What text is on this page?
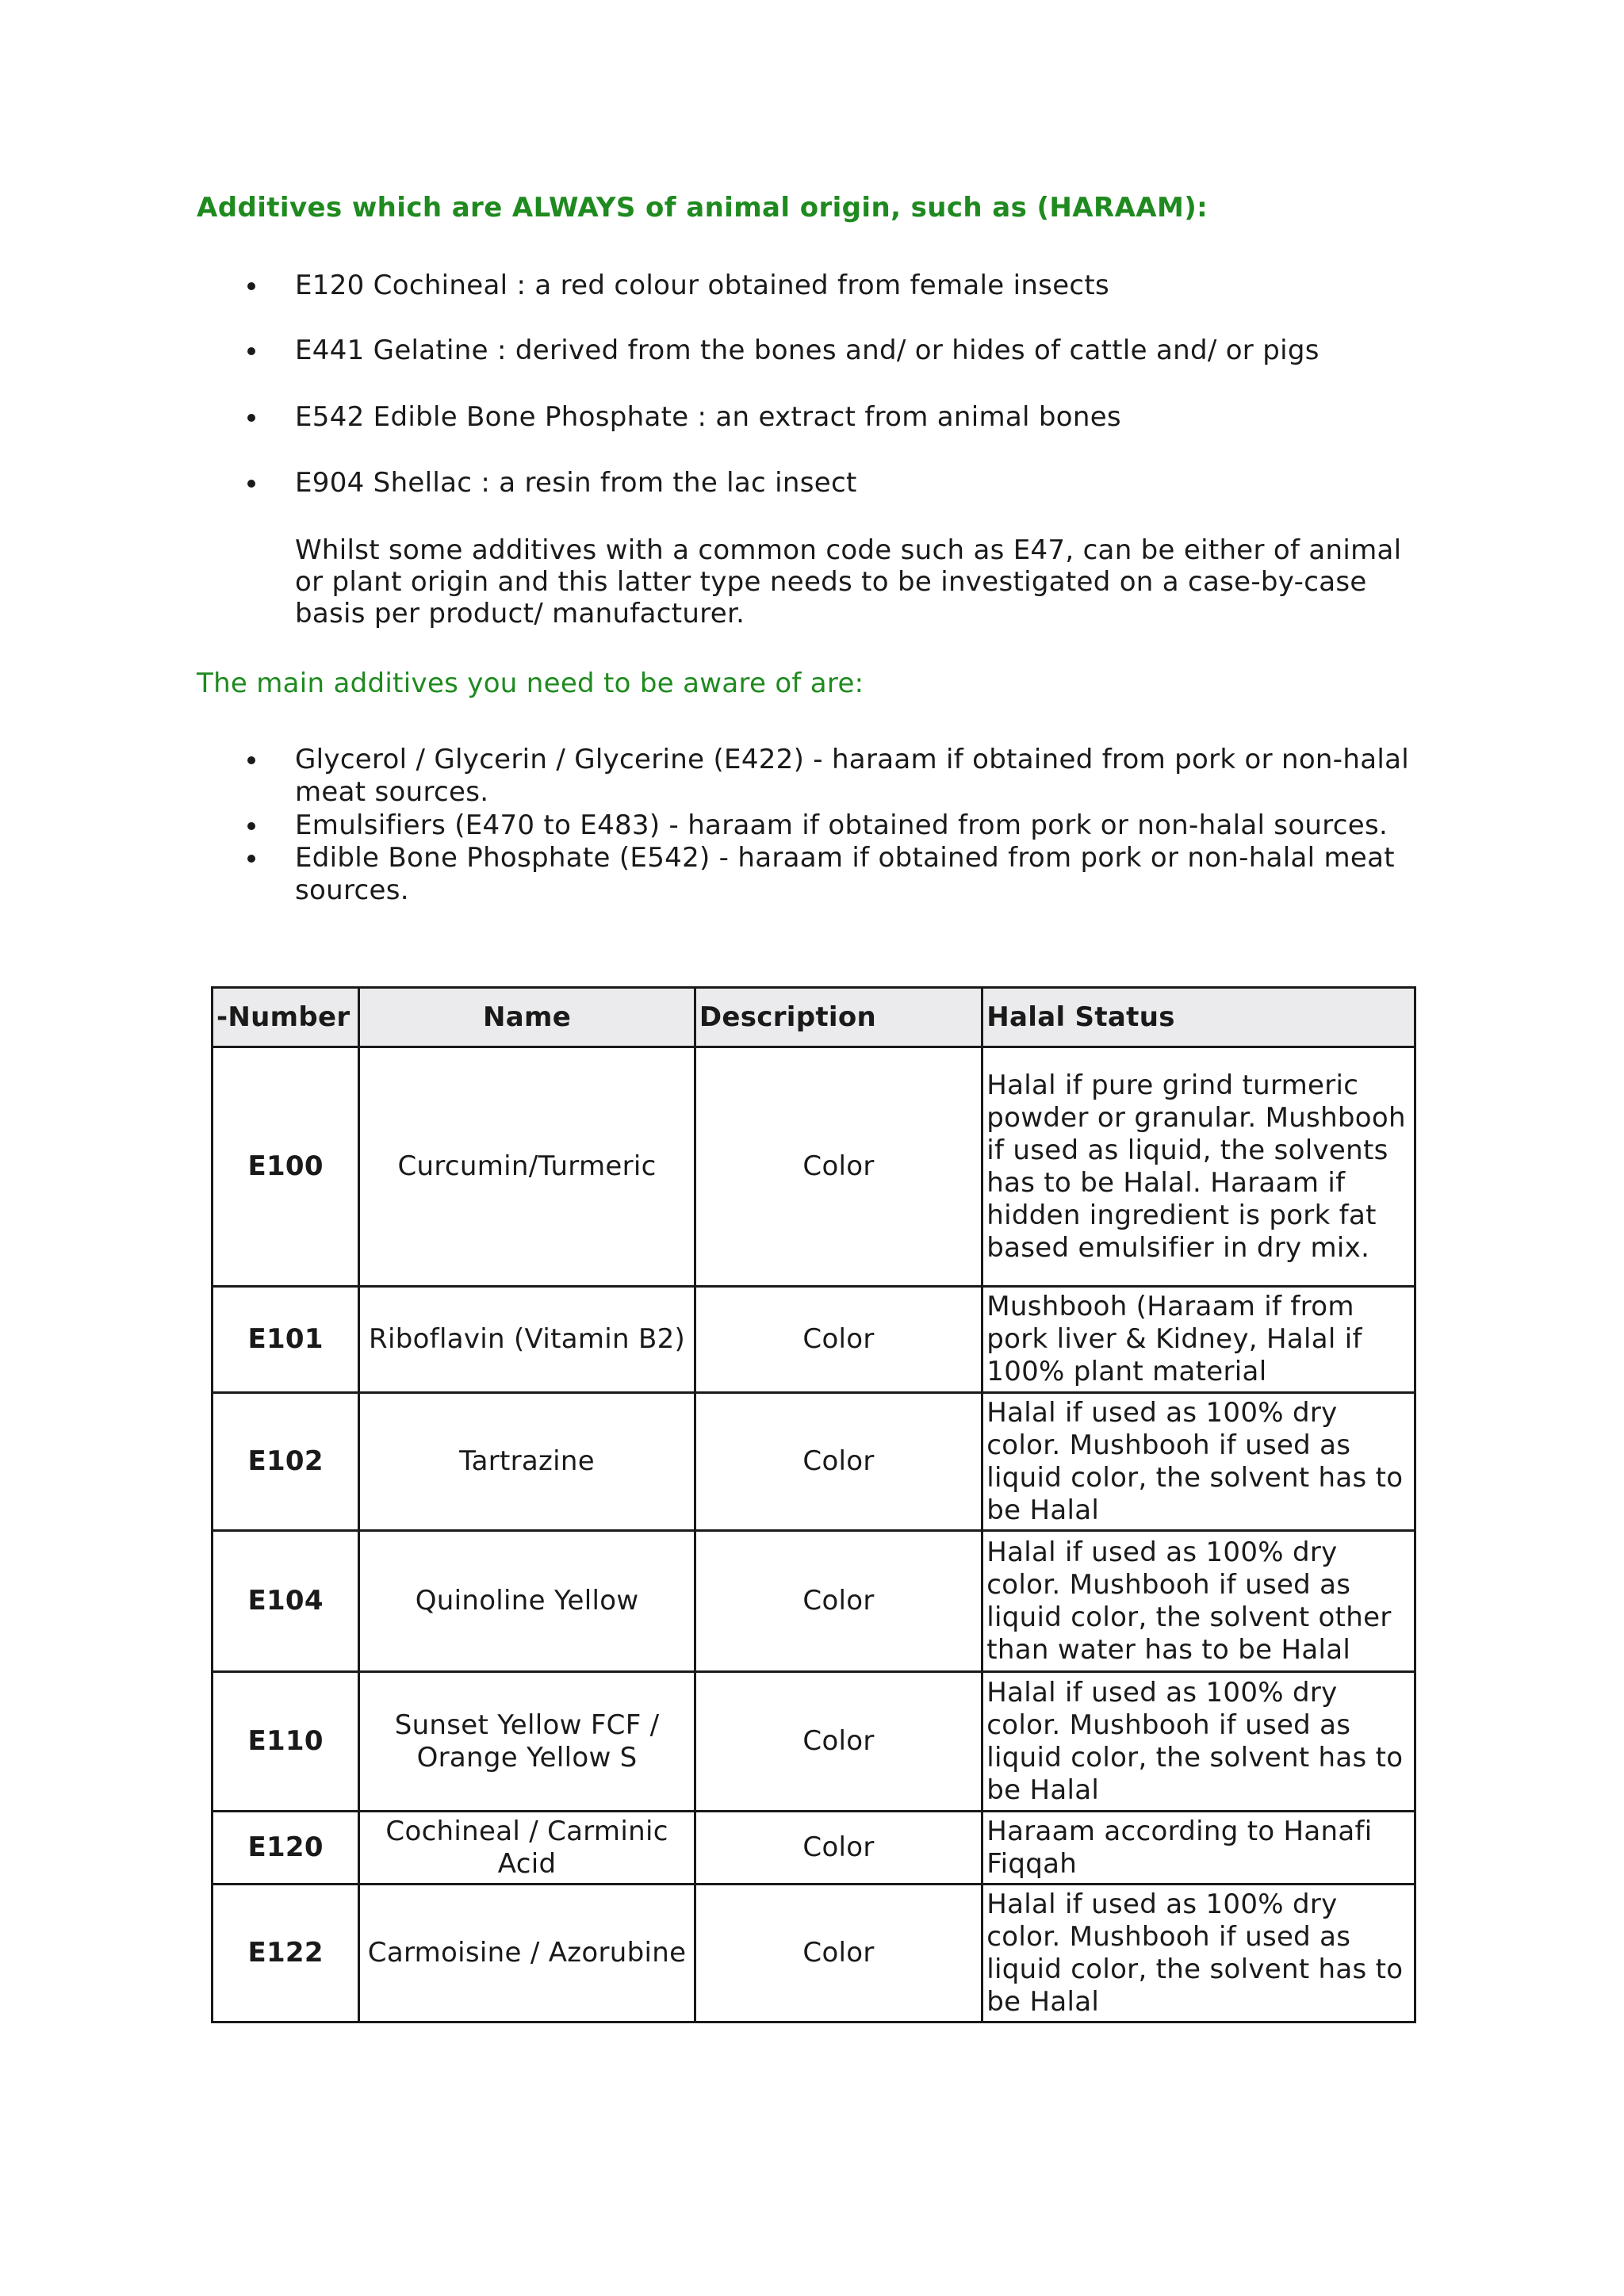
Additives which are ALWAYS of animal origin, such as (HARAAM):
E120 Cochineal : a red colour obtained from female insects
E441 Gelatine : derived from the bones and/ or hides of cattle and/ or pigs
E542 Edible Bone Phosphate : an extract from animal bones
E904 Shellac : a resin from the lac insect
Whilst some additives with a common code such as E47, can be either of animal or plant origin and this latter type needs to be investigated on a case-by-case basis per product/ manufacturer.
The main additives you need to be aware of are:
Glycerol / Glycerin / Glycerine (E422) - haraam if obtained from pork or non-halal meat sources.
Emulsifiers (E470 to E483) - haraam if obtained from pork or non-halal sources.
Edible Bone Phosphate (E542) - haraam if obtained from pork or non-halal meat sources.
-Number	Name	Description	Halal Status
E100	Curcumin/Turmeric	Color	Halal if pure grind turmeric powder or granular. Mushbooh if used as liquid, the solvents has to be Halal. Haraam if hidden ingredient is pork fat based emulsifier in dry mix.
E101	Riboflavin (Vitamin B2)	Color	Mushbooh (Haraam if from pork liver & Kidney, Halal if 100% plant material
E102	Tartrazine	Color	Halal if used as 100% dry color. Mushbooh if used as liquid color, the solvent has to be Halal
E104	Quinoline Yellow	Color	Halal if used as 100% dry color. Mushbooh if used as liquid color, the solvent other than water has to be Halal
E110	Sunset Yellow FCF / Orange Yellow S	Color	Halal if used as 100% dry color. Mushbooh if used as liquid color, the solvent has to be Halal
E120	Cochineal / Carminic Acid	Color	Haraam according to Hanafi Fiqqah
E122	Carmoisine / Azorubine	Color	Halal if used as 100% dry color. Mushbooh if used as liquid color, the solvent has to be Halal
